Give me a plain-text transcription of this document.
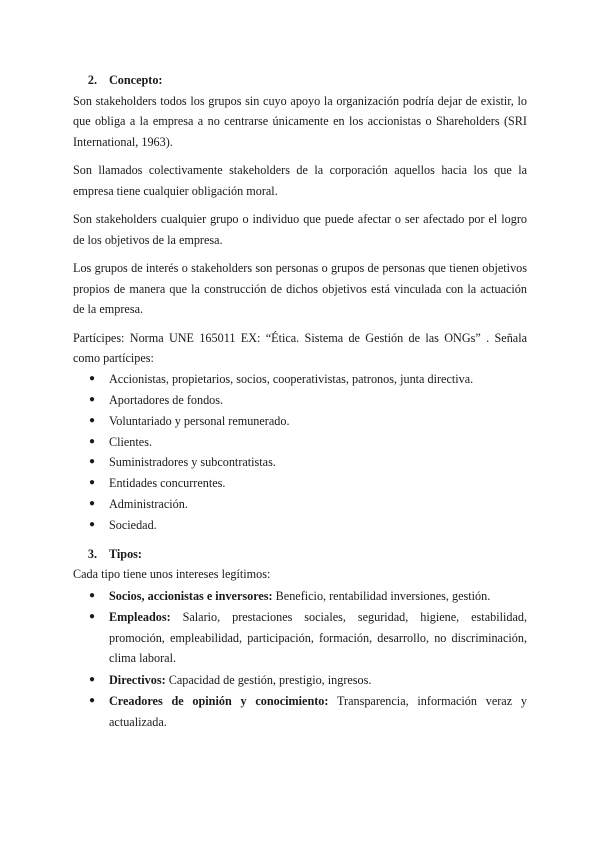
2. Concepto:

Son stakeholders todos los grupos sin cuyo apoyo la organización podría dejar de existir, lo que obliga a la empresa a no centrarse únicamente en los accionistas o Shareholders (SRI International, 1963).

Son llamados colectivamente stakeholders de la corporación aquellos hacia los que la empresa tiene cualquier obligación moral.

Son stakeholders cualquier grupo o individuo que puede afectar o ser afectado por el logro de los objetivos de la empresa.

Los grupos de interés o stakeholders son personas o grupos de personas que tienen objetivos propios de manera que la construcción de dichos objetivos está vinculada con la actuación de la empresa.

Partícipes: Norma UNE 165011 EX: “Ética. Sistema de Gestión de las ONGs” . Señala como partícipes:

● Accionistas, propietarios, socios, cooperativistas, patronos, junta directiva.
● Aportadores de fondos.
● Voluntariado y personal remunerado.
● Clientes.
● Suministradores y subcontratistas.
● Entidades concurrentes.
● Administración.
● Sociedad.
3. Tipos:

Cada tipo tiene unos intereses legítimos:

● Socios, accionistas e inversores: Beneficio, rentabilidad inversiones, gestión.
● Empleados: Salario, prestaciones sociales, seguridad, higiene, estabilidad, promoción, empleabilidad, participación, formación, desarrollo, no discriminación, clima laboral.
● Directivos: Capacidad de gestión, prestigio, ingresos.
● Creadores de opinión y conocimiento: Transparencia, información veraz y actualizada.
